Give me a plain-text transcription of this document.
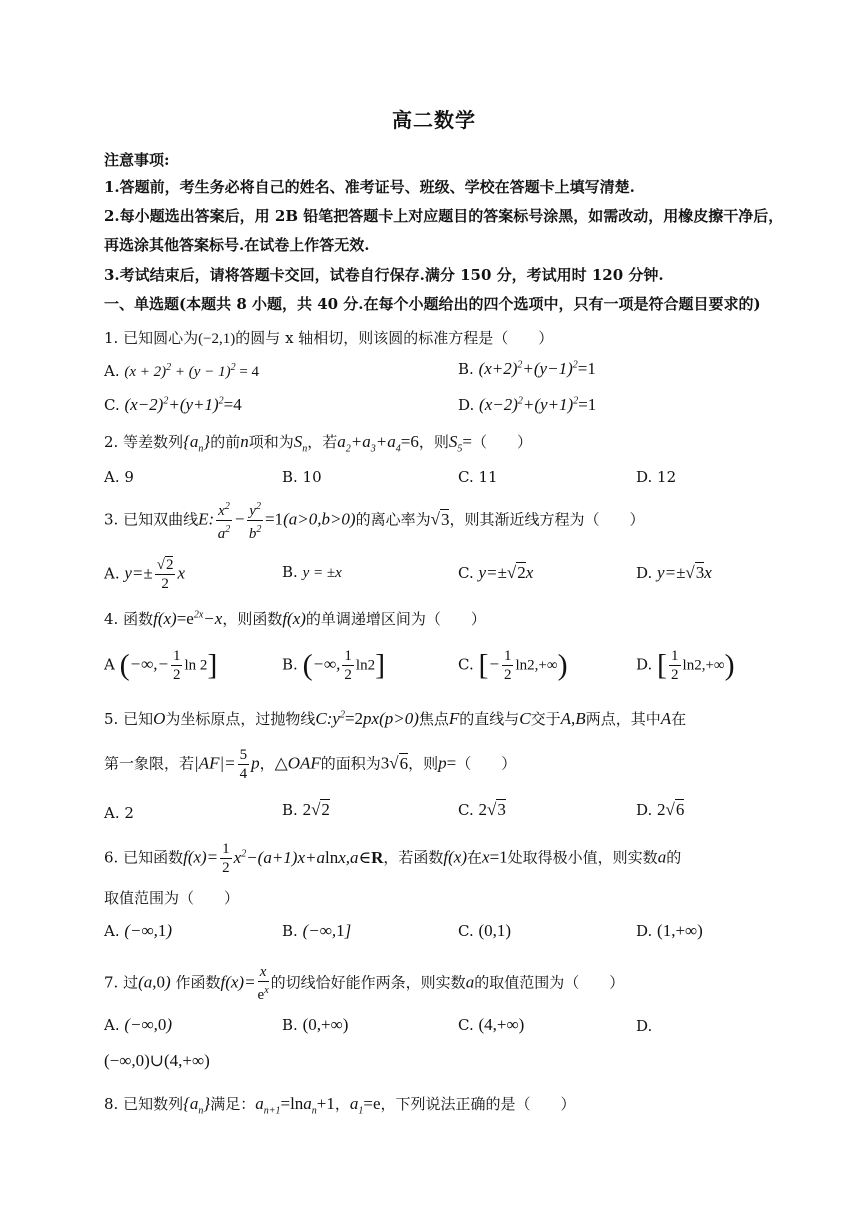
高二数学
注意事项:
1.答题前，考生务必将自己的姓名、准考证号、班级、学校在答题卡上填写清楚.
2.每小题选出答案后，用 2B 铅笔把答题卡上对应题目的答案标号涂黑，如需改动，用橡皮擦干净后，
再选涂其他答案标号.在试卷上作答无效.
3.考试结束后，请将答题卡交回，试卷自行保存.满分 150 分，考试用时 120 分钟.
一、单选题(本题共 8 小题，共 40 分.在每个小题给出的四个选项中，只有一项是符合题目要求的)
1. 已知圆心为(−2,1)的圆与 x 轴相切，则该圆的标准方程是（　　）
A. $(x + 2)^2 + (y - 1)^2 = 4$	B. $(x+2)^2+(y-1)^2=1$
C. $(x-2)^2+(y+1)^2=4$	D. $(x-2)^2+(y+1)^2=1$
2. 等差数列$\{a_n\}$的前n项和为$S_n$，若$a_2+a_3+a_4=6$，则$S_5=$（　　）
A. 9	B. 10	C. 11	D. 12
3. 已知双曲线E: $\frac{x^2}{a^2} - \frac{y^2}{b^2} =1(a>0,b>0)$的离心率为√3，则其渐近线方程为（　　）
A. $y=\pm \frac{√2}{2}$ x	B. y = ±x	C. y=±√2x	D. y=±√3x
4. 函数$f(x)=e^{2x}-x$，则函数f(x)的单调递增区间为（　　）
A (−∞,− $\frac{1}{2}$ ln 2]	B. (−∞, $\frac{1}{2} \ln 2$]	C. [− $\frac{1}{2} \ln 2,+\infty$)	D. [ $\frac{1}{2} \ln 2,+\infty$)
5. 已知O为坐标原点，过抛物线$C:y^2=2px(p>0)$焦点F的直线与C交于A,B两点，其中A在
第一象限，若$|AF|= \frac{5}{4}$ p，△OAF的面积为3√6，则p=（　　）
A. 2	B. 2√2	C. 2√3	D. 2√6
6. 已知函数$f(x)= \frac{1}{2}$ $x^2-(a+1)x+alnx,a\in R$，若函数f(x)在x=1处取得极小值，则实数a的
取值范围为（　　）
A. (−∞,1)	B. (−∞,1]	C. (0,1)	D. (1,+∞)
7. 过(a,0) 作函数$f(x)= \frac{x}{e^x}$ 的切线恰好能作两条，则实数a的取值范围为（　　）
A. (−∞,0)	B. (0,+∞)	C. (4,+∞)	D.
(−∞,0)∪(4,+∞)
8. 已知数列$\{a_n\}$满足：$a_{n+1}=\ln a_n+1$，$a_1=e$，下列说法正确的是（　　）
